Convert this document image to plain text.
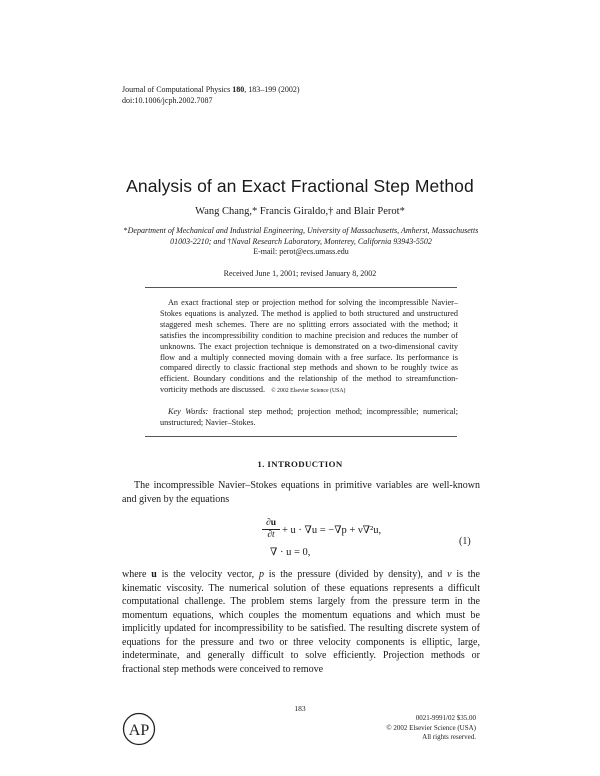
Journal of Computational Physics 180, 183–199 (2002)
doi:10.1006/jcph.2002.7087
Analysis of an Exact Fractional Step Method
Wang Chang,* Francis Giraldo,† and Blair Perot*
*Department of Mechanical and Industrial Engineering, University of Massachusetts, Amherst, Massachusetts 01003-2210; and †Naval Research Laboratory, Monterey, California 93943-5502
E-mail: perot@ecs.umass.edu
Received June 1, 2001; revised January 8, 2002

An exact fractional step or projection method for solving the incompressible Navier–Stokes equations is analyzed. The method is applied to both structured and unstructured staggered mesh schemes. There are no splitting errors associated with the method; it satisfies the incompressibility condition to machine precision and reduces the number of unknowns. The exact projection technique is demonstrated on a two-dimensional cavity flow and a multiply connected moving domain with a free surface. Its performance is compared directly to classic fractional step methods and shown to be roughly twice as efficient. Boundary conditions and the relationship of the method to streamfunction-vorticity methods are discussed. © 2002 Elsevier Science (USA)

Key Words: fractional step method; projection method; incompressible; numerical; unstructured; Navier–Stokes.

1. INTRODUCTION

The incompressible Navier–Stokes equations in primitive variables are well-known and given by the equations

$\frac{\partial u}{\partial t} + u \cdot \nabla u = -\nabla p + \nu\nabla^2u$,
∇ · u = 0,
(1)

where u is the velocity vector, p is the pressure (divided by density), and ν is the kinematic viscosity. The numerical solution of these equations represents a difficult computational challenge. The problem stems largely from the pressure term in the momentum equations, which couples the momentum equations and which must be implicitly updated for incompressibility to be satisfied. The resulting discrete system of equations for the pressure and two or three velocity components is elliptic, large, indeterminate, and generally difficult to solve efficiently. Projection methods or fractional step methods were conceived to remove

AP
183
0021-9991/02 $35.00
© 2002 Elsevier Science (USA)
All rights reserved.
